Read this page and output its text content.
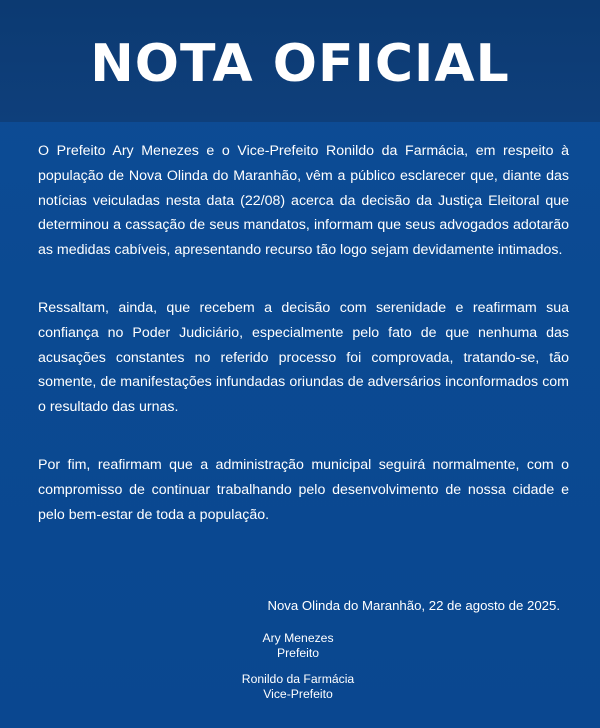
NOTA OFICIAL

O Prefeito Ary Menezes e o Vice-Prefeito Ronildo da Farmácia, em respeito à população de Nova Olinda do Maranhão, vêm a público esclarecer que, diante das notícias veiculadas nesta data (22/08) acerca da decisão da Justiça Eleitoral que determinou a cassação de seus mandatos, informam que seus advogados adotarão as medidas cabíveis, apresentando recurso tão logo sejam devidamente intimados.

Ressaltam, ainda, que recebem a decisão com serenidade e reafirmam sua confiança no Poder Judiciário, especialmente pelo fato de que nenhuma das acusações constantes no referido processo foi comprovada, tratando-se, tão somente, de manifestações infundadas oriundas de adversários inconformados com o resultado das urnas.

Por fim, reafirmam que a administração municipal seguirá normalmente, com o compromisso de continuar trabalhando pelo desenvolvimento de nossa cidade e pelo bem-estar de toda a população.

Nova Olinda do Maranhão, 22 de agosto de 2025.
Ary Menezes
Prefeito
Ronildo da Farmácia
Vice-Prefeito
